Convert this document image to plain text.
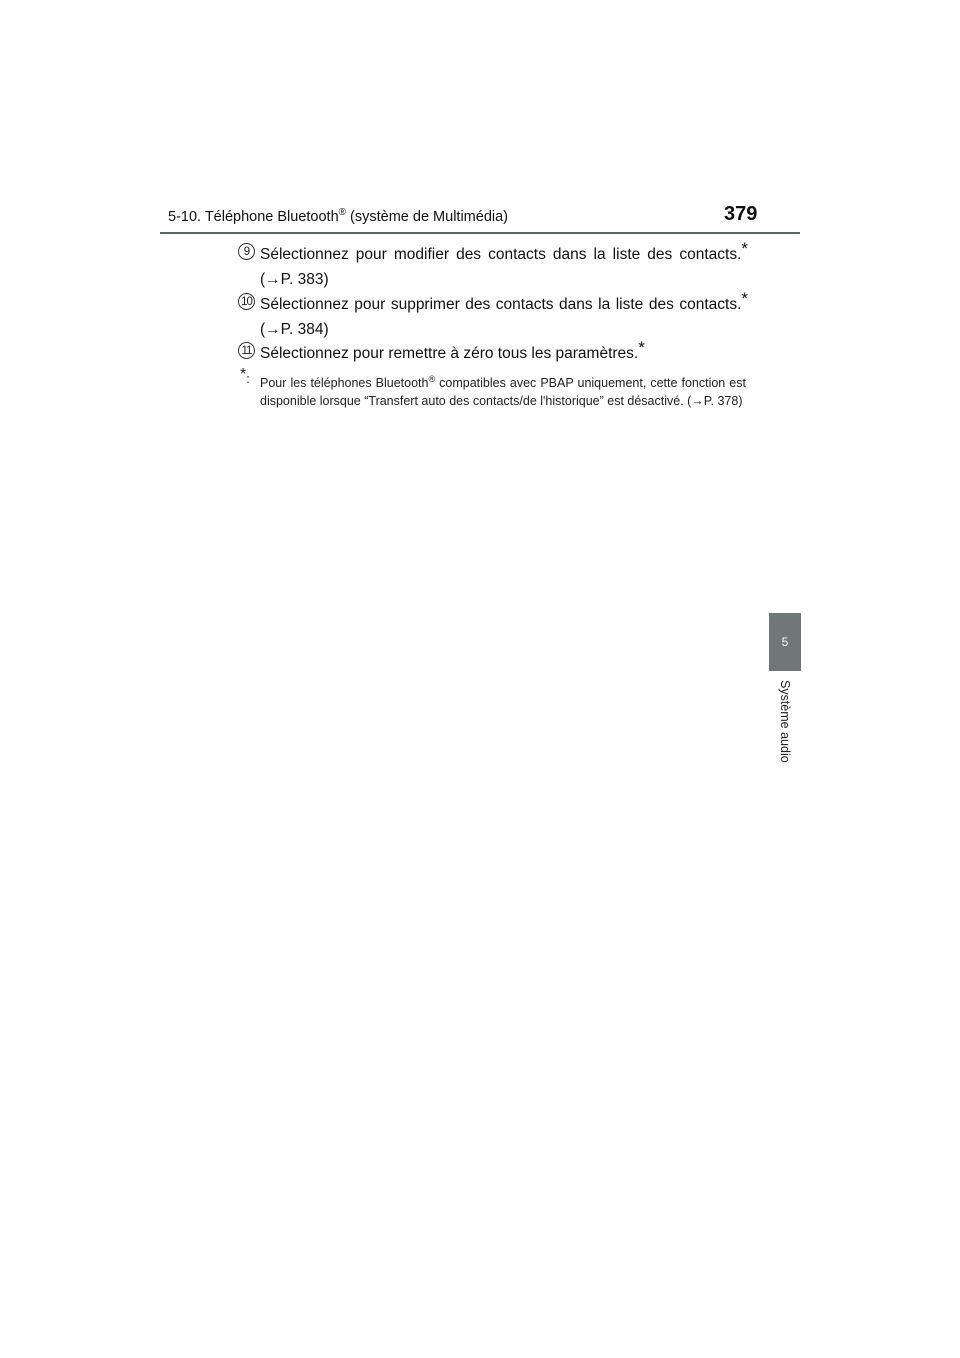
5-10. Téléphone Bluetooth® (système de Multimédia)	379
5
Système audio
9 Sélectionnez pour modifier des contacts dans la liste des contacts.* (→P. 383)
10 Sélectionnez pour supprimer des contacts dans la liste des contacts.* (→P. 384)
11 Sélectionnez pour remettre à zéro tous les paramètres.*
*: Pour les téléphones Bluetooth® compatibles avec PBAP uniquement, cette fonction est disponible lorsque “Transfert auto des contacts/de l'historique” est désactivé. (→P. 378)
